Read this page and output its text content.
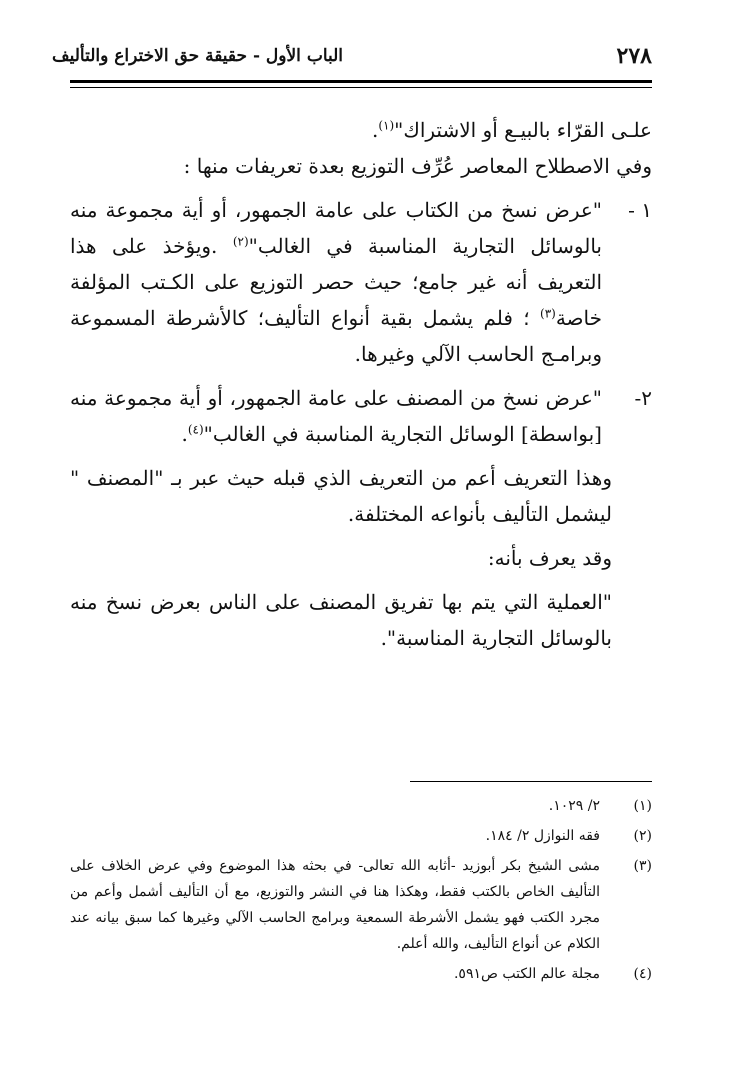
٢٧٨
الباب الأول - حقيقة حق الاختراع والتأليف

علـى القرّاء بالبيـع أو الاشتراك"$^{(١)}$.

وفي الاصطلاح المعاصر عُرِّف التوزيع بعدة تعريفات منها :

١ -

"عرض نسخ من الكتاب على عامة الجمهور، أو أية مجموعة منه بالوسائل التجارية المناسبة في الغالب"$^{(٢)}$ .ويؤخذ على هذا التعريف أنه غير جامع؛ حيث حصر التوزيع على الكـتب المؤلفة خاصة$^{(٣)}$ ؛ فلم يشمل بقية أنواع التأليف؛ كالأشرطة المسموعة وبرامـج الحاسب الآلي وغيرها.

٢-

"عرض نسخ من المصنف على عامة الجمهور، أو أية مجموعة منه [بواسطة] الوسائل التجارية المناسبة في الغالب"$^{(٤)}$.

وهذا التعريف أعم من التعريف الذي قبله حيث عبر بـ "المصنف " ليشمل التأليف بأنواعه المختلفة.

وقد يعرف بأنه:

"العملية التي يتم بها تفريق المصنف على الناس بعرض نسخ منه بالوسائل التجارية المناسبة".

(١)
٢/ ١٠٢٩.
(٢)
فقه النوازل ٢/ ١٨٤.
(٣)
مشى الشيخ بكر أبوزيد -أثابه الله تعالى- في بحثه هذا الموضوع وفي عرض الخلاف على التأليف الخاص بالكتب فقط، وهكذا هنا في النشر والتوزيع، مع أن التأليف أشمل وأعم من مجرد الكتب فهو يشمل الأشرطة السمعية وبرامج الحاسب الآلي وغيرها كما سبق بيانه عند الكلام عن أنواع التأليف، والله أعلم.
(٤)
مجلة عالم الكتب ص٥٩١.
